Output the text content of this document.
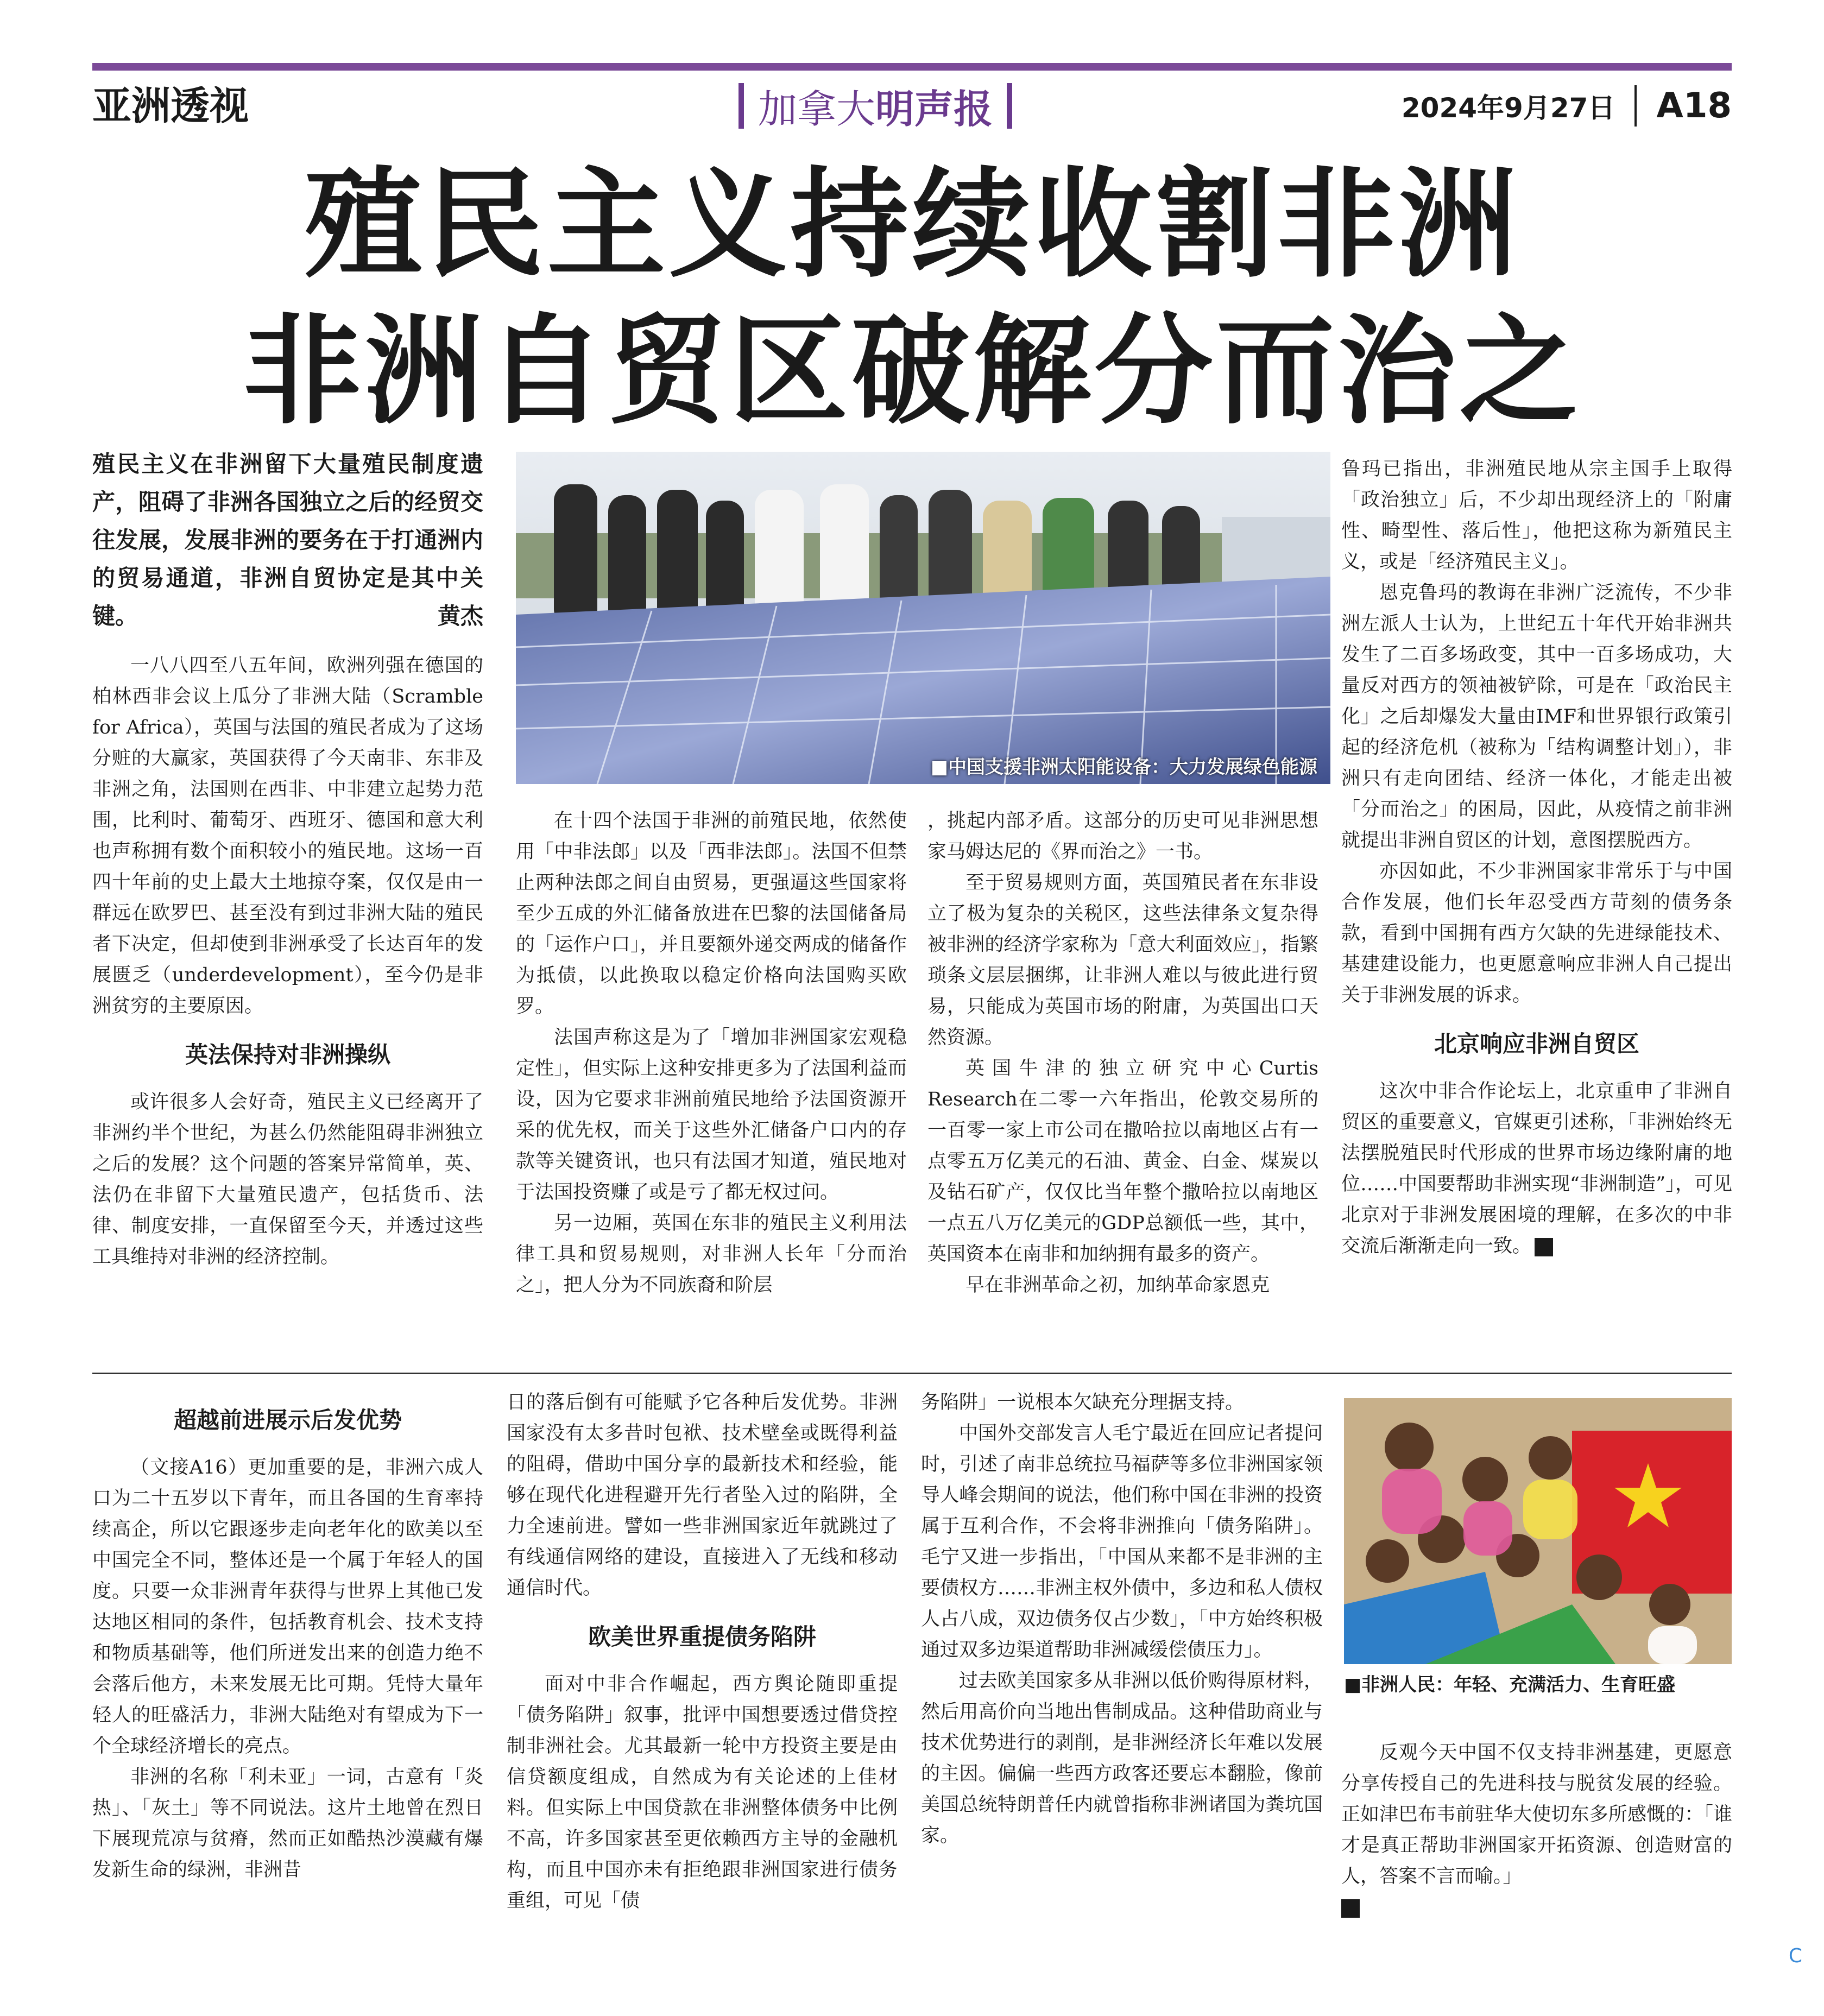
亚洲透视	加拿大明声报	2024年9月27日 A18
殖民主义持续收割非洲
非洲自贸区破解分而治之
殖民主义在非洲留下大量殖民制度遗产，阻碍了非洲各国独立之后的经贸交往发展，发展非洲的要务在于打通洲内的贸易通道，非洲自贸协定是其中关键。	黄杰
■中国支援非洲太阳能设备：大力发展绿色能源

一八八四至八五年间，欧洲列强在德国的柏林西非会议上瓜分了非洲大陆（Scramble for Africa），英国与法国的殖民者成为了这场分赃的大赢家，英国获得了今天南非、东非及非洲之角，法国则在西非、中非建立起势力范围，比利时、葡萄牙、西班牙、德国和意大利也声称拥有数个面积较小的殖民地。这场一百四十年前的史上最大土地掠夺案，仅仅是由一群远在欧罗巴、甚至没有到过非洲大陆的殖民者下决定，但却使到非洲承受了长达百年的发展匮乏（underdevelopment），至今仍是非洲贫穷的主要原因。

英法保持对非洲操纵

或许很多人会好奇，殖民主义已经离开了非洲约半个世纪，为甚么仍然能阻碍非洲独立之后的发展？这个问题的答案异常简单，英、法仍在非留下大量殖民遗产，包括货币、法律、制度安排，一直保留至今天，并透过这些工具维持对非洲的经济控制。

在十四个法国于非洲的前殖民地，依然使用「中非法郎」以及「西非法郎」。法国不但禁止两种法郎之间自由贸易，更强逼这些国家将至少五成的外汇储备放进在巴黎的法国储备局的「运作户口」，并且要额外递交两成的储备作为抵债，以此换取以稳定价格向法国购买欧罗。

法国声称这是为了「增加非洲国家宏观稳定性」，但实际上这种安排更多为了法国利益而设，因为它要求非洲前殖民地给予法国资源开采的优先权，而关于这些外汇储备户口内的存款等关键资讯，也只有法国才知道，殖民地对于法国投资赚了或是亏了都无权过问。

另一边厢，英国在东非的殖民主义利用法律工具和贸易规则，对非洲人长年「分而治之」，把人分为不同族裔和阶层

，挑起内部矛盾。这部分的历史可见非洲思想家马姆达尼的《界而治之》一书。

至于贸易规则方面，英国殖民者在东非设立了极为复杂的关税区，这些法律条文复杂得被非洲的经济学家称为「意大利面效应」，指繁琐条文层层捆绑，让非洲人难以与彼此进行贸易，只能成为英国市场的附庸，为英国出口天然资源。

英国牛津的独立研究中心Curtis Research在二零一六年指出，伦敦交易所的一百零一家上市公司在撒哈拉以南地区占有一点零五万亿美元的石油、黄金、白金、煤炭以及钻石矿产，仅仅比当年整个撒哈拉以南地区一点五八万亿美元的GDP总额低一些，其中，英国资本在南非和加纳拥有最多的资产。

早在非洲革命之初，加纳革命家恩克

鲁玛已指出，非洲殖民地从宗主国手上取得「政治独立」后，不少却出现经济上的「附庸性、畸型性、落后性」，他把这称为新殖民主义，或是「经济殖民主义」。

恩克鲁玛的教诲在非洲广泛流传，不少非洲左派人士认为，上世纪五十年代开始非洲共发生了二百多场政变，其中一百多场成功，大量反对西方的领袖被铲除，可是在「政治民主化」之后却爆发大量由IMF和世界银行政策引起的经济危机（被称为「结构调整计划」），非洲只有走向团结、经济一体化，才能走出被「分而治之」的困局，因此，从疫情之前非洲就提出非洲自贸区的计划，意图摆脱西方。

亦因如此，不少非洲国家非常乐于与中国合作发展，他们长年忍受西方苛刻的债务条款，看到中国拥有西方欠缺的先进绿能技术、基建建设能力，也更愿意响应非洲人自己提出关于非洲发展的诉求。

北京响应非洲自贸区

这次中非合作论坛上，北京重申了非洲自贸区的重要意义，官媒更引述称，「非洲始终无法摆脱殖民时代形成的世界市场边缘附庸的地位……中国要帮助非洲实现“非洲制造”」，可见北京对于非洲发展困境的理解，在多次的中非交流后渐渐走向一致。

超越前进展示后发优势

（文接A16）更加重要的是，非洲六成人口为二十五岁以下青年，而且各国的生育率持续高企，所以它跟逐步走向老年化的欧美以至中国完全不同，整体还是一个属于年轻人的国度。只要一众非洲青年获得与世界上其他已发达地区相同的条件，包括教育机会、技术支持和物质基础等，他们所迸发出来的创造力绝不会落后他方，未来发展无比可期。凭恃大量年轻人的旺盛活力，非洲大陆绝对有望成为下一个全球经济增长的亮点。

非洲的名称「利未亚」一词，古意有「炎热」、「灰土」等不同说法。这片土地曾在烈日下展现荒凉与贫瘠，然而正如酷热沙漠藏有爆发新生命的绿洲，非洲昔

日的落后倒有可能赋予它各种后发优势。非洲国家没有太多昔时包袱、技术壁垒或既得利益的阻碍，借助中国分享的最新技术和经验，能够在现代化进程避开先行者坠入过的陷阱，全力全速前进。譬如一些非洲国家近年就跳过了有线通信网络的建设，直接进入了无线和移动通信时代。

欧美世界重提债务陷阱

面对中非合作崛起，西方舆论随即重提「债务陷阱」叙事，批评中国想要透过借贷控制非洲社会。尤其最新一轮中方投资主要是由信贷额度组成，自然成为有关论述的上佳材料。但实际上中国贷款在非洲整体债务中比例不高，许多国家甚至更依赖西方主导的金融机构，而且中国亦未有拒绝跟非洲国家进行债务重组，可见「债

务陷阱」一说根本欠缺充分理据支持。

中国外交部发言人毛宁最近在回应记者提问时，引述了南非总统拉马福萨等多位非洲国家领导人峰会期间的说法，他们称中国在非洲的投资属于互利合作，不会将非洲推向「债务陷阱」。毛宁又进一步指出，「中国从来都不是非洲的主要债权方……非洲主权外债中，多边和私人债权人占八成，双边债务仅占少数」，「中方始终积极通过双多边渠道帮助非洲减缓偿债压力」。

过去欧美国家多从非洲以低价购得原材料，然后用高价向当地出售制成品。这种借助商业与技术优势进行的剥削，是非洲经济长年难以发展的主因。偏偏一些西方政客还要忘本翻脸，像前美国总统特朗普任内就曾指称非洲诸国为粪坑国家。

■非洲人民：年轻、充满活力、生育旺盛

反观今天中国不仅支持非洲基建，更愿意分享传授自己的先进科技与脱贫发展的经验。正如津巴布韦前驻华大使切东多所感慨的：「谁才是真正帮助非洲国家开拓资源、创造财富的人，答案不言而喻。」

C
